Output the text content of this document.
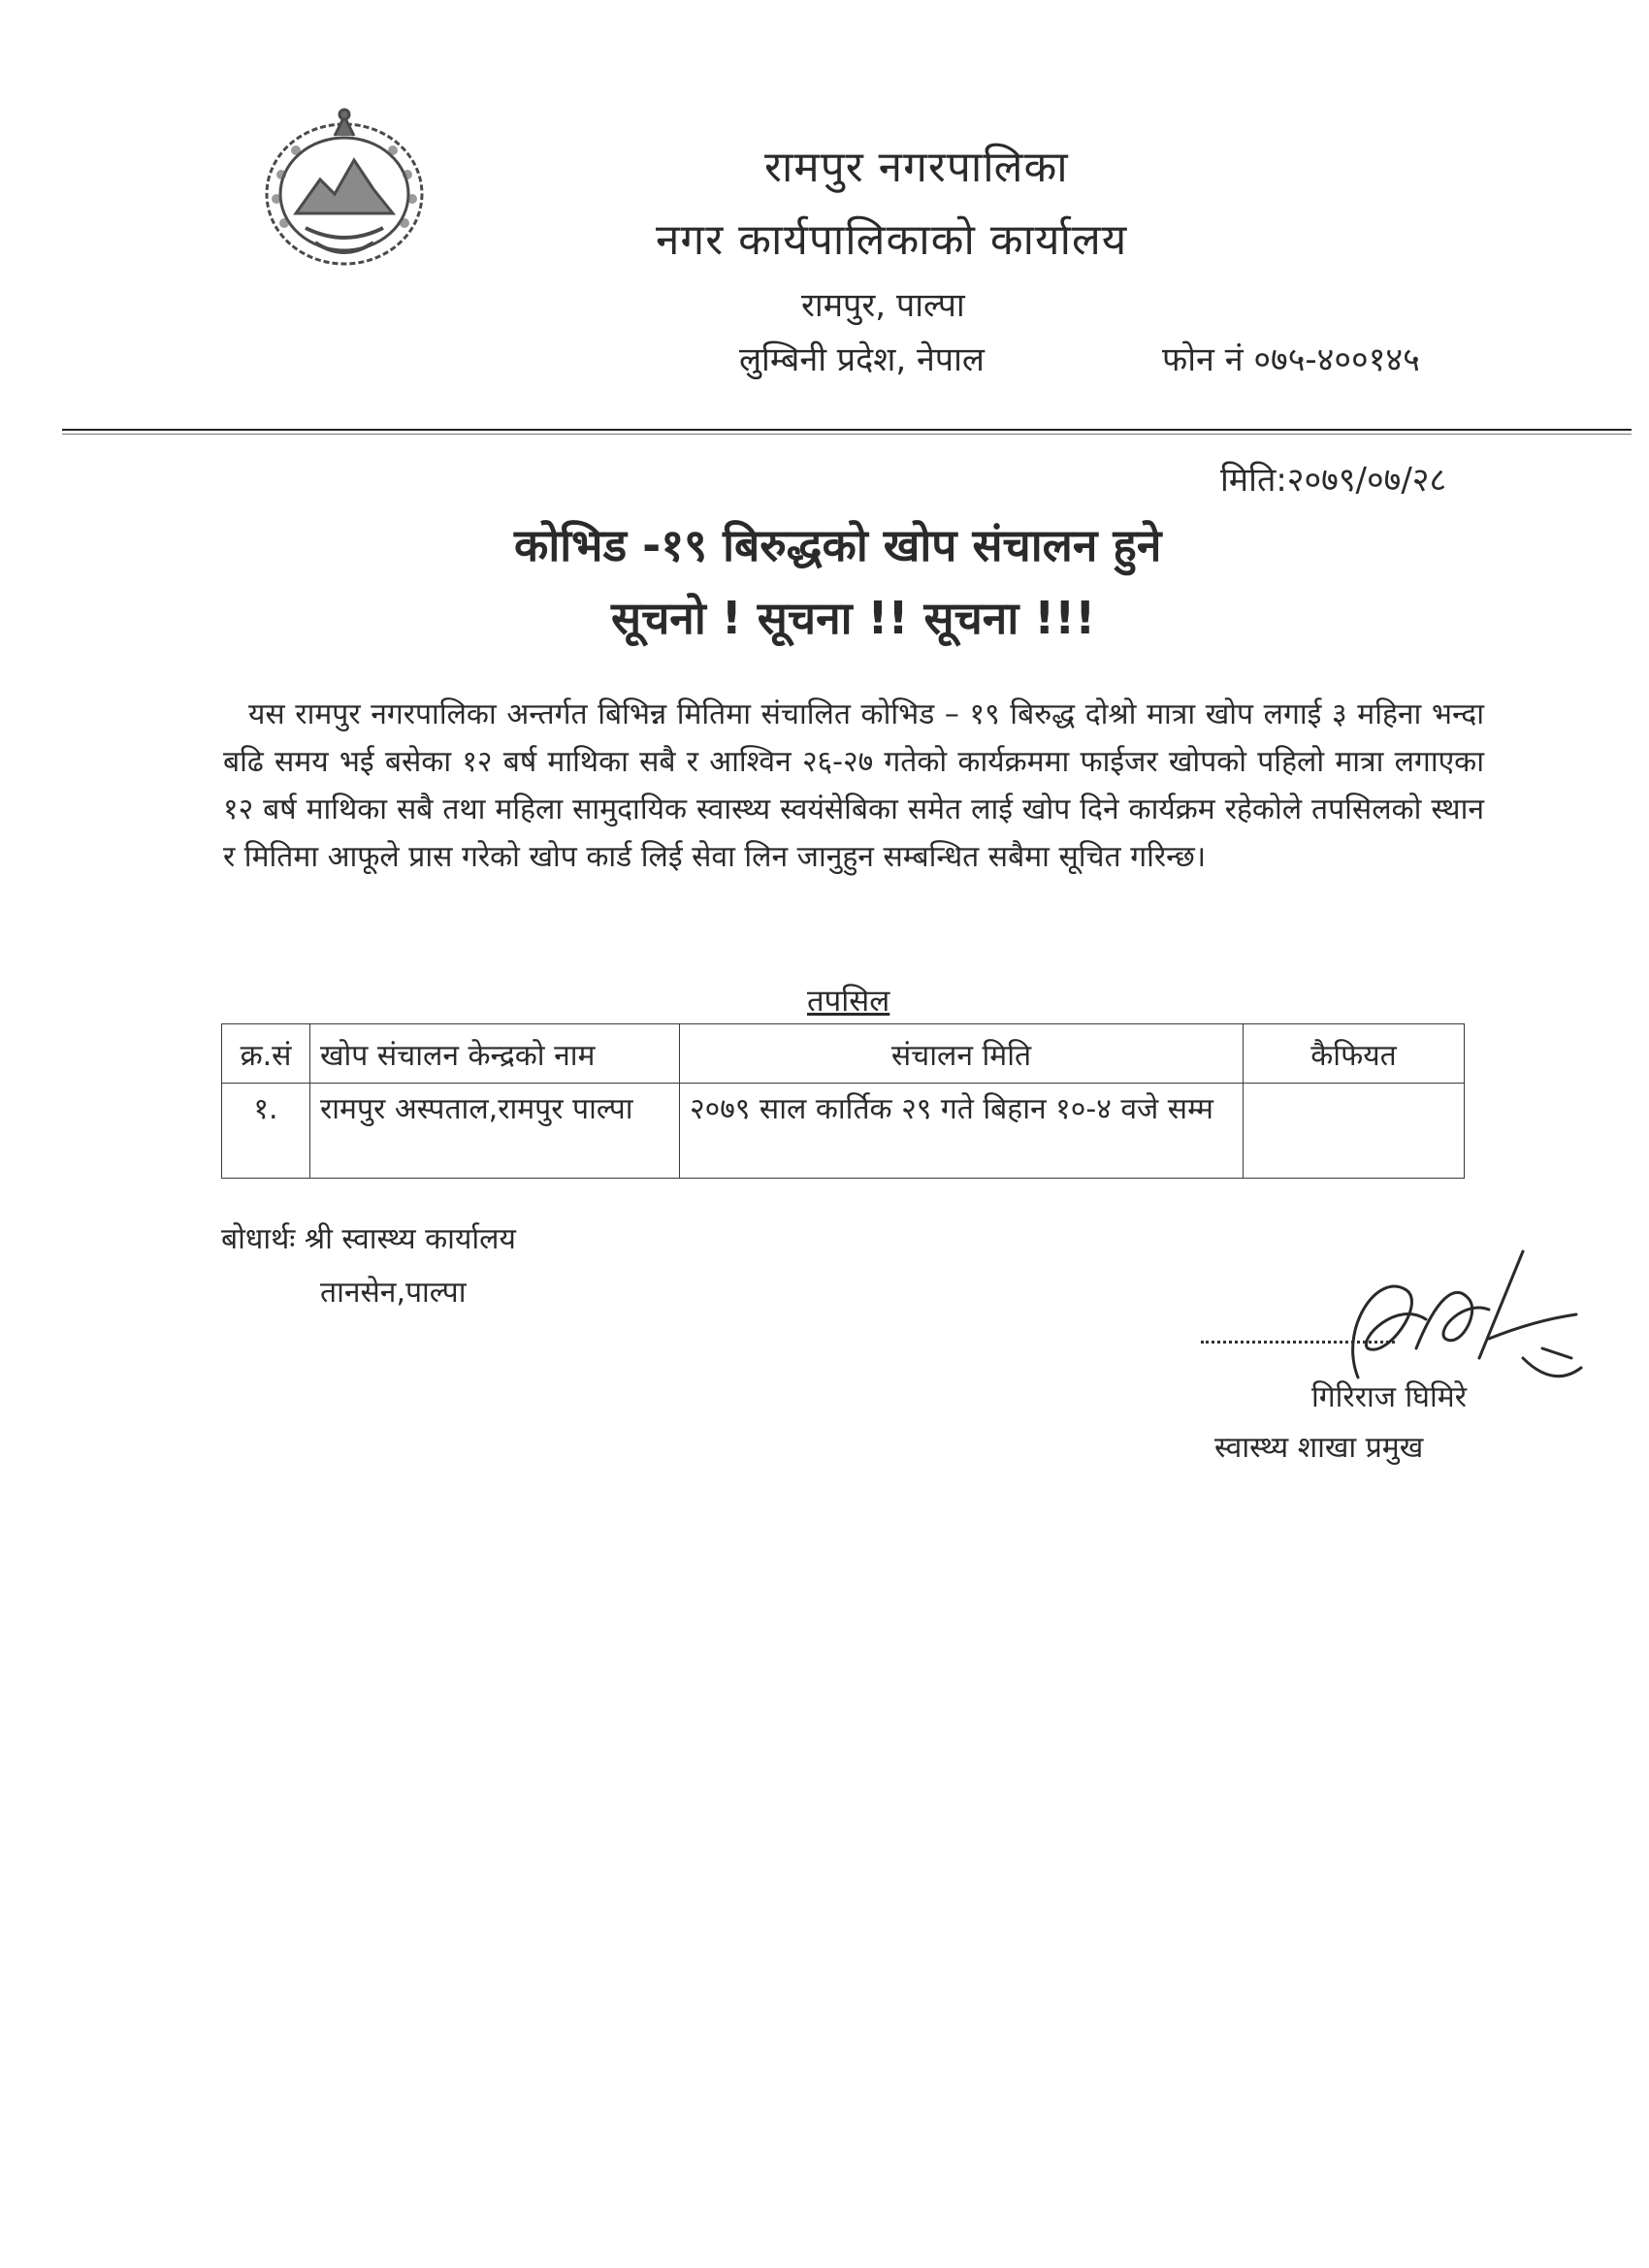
रामपुर नगरपालिका
नगर कार्यपालिकाको कार्यालय
रामपुर, पाल्पा
लुम्बिनी प्रदेश, नेपाल	फोन नं ०७५-४००१४५
मिति:२०७९/०७/२८
कोभिड -१९ बिरुद्धको खोप संचालन हुने
सूचनो ! सूचना !! सूचना !!!
यस रामपुर नगरपालिका अन्तर्गत बिभिन्न मितिमा संचालित कोभिड – १९ बिरुद्ध दोश्रो मात्रा खोप लगाई ३ महिना भन्दा बढि समय भई बसेका १२ बर्ष माथिका सबै र आश्विन २६-२७ गतेको कार्यक्रममा फाईजर खोपको पहिलो मात्रा लगाएका १२ बर्ष माथिका सबै तथा महिला सामुदायिक स्वास्थ्य स्वयंसेबिका समेत लाई खोप दिने कार्यक्रम रहेकोले तपसिलको स्थान र मितिमा आफूले प्रास गरेको खोप कार्ड लिई सेवा लिन जानुहुन सम्बन्धित सबैमा सूचित गरिन्छ।
तपसिल
क्र.सं	खोप संचालन केन्द्रको नाम	संचालन मिति	कैफियत
१.	रामपुर अस्पताल,रामपुर पाल्पा	२०७९ साल कार्तिक २९ गते बिहान १०-४ वजे सम्म	
बोधार्थः श्री स्वास्थ्य कार्यालय
तानसेन,पाल्पा
गिरिराज घिमिरे
स्वास्थ्य शाखा प्रमुख
